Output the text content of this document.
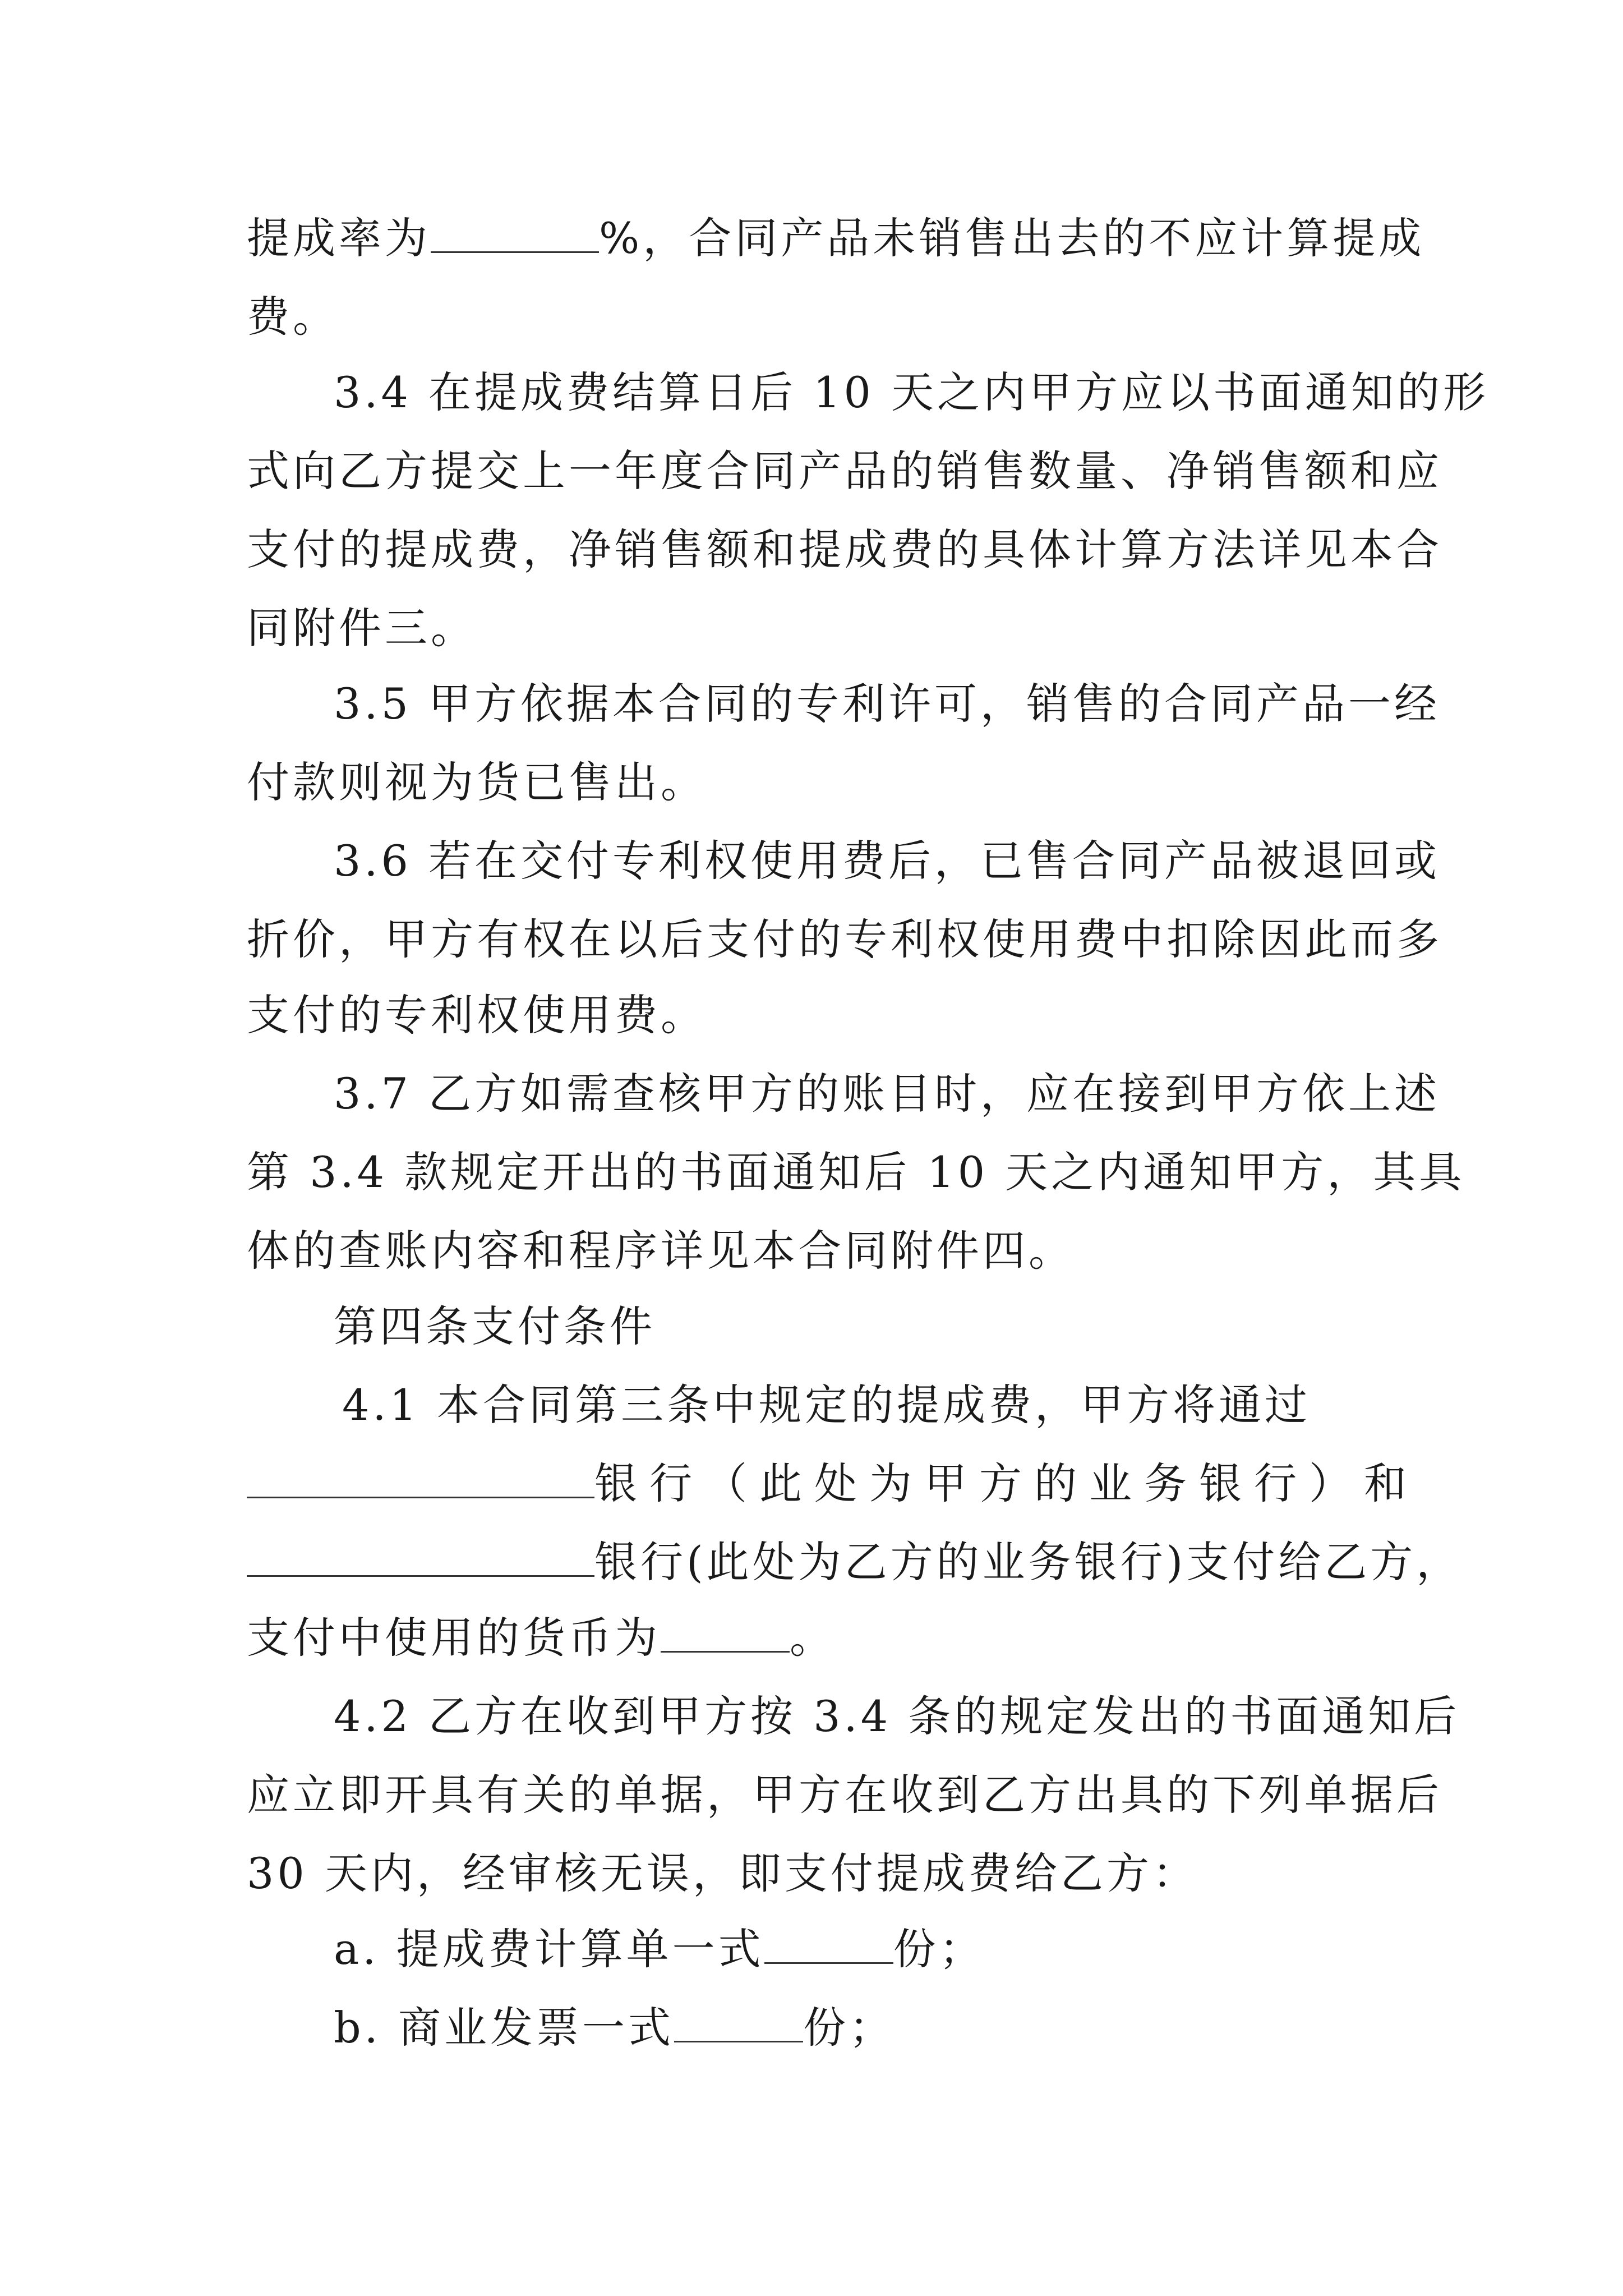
提成率为	%，合同产品未销售出去的不应计算提成
费。
3.4 在提成费结算日后 10 天之内甲方应以书面通知的形
式向乙方提交上一年度合同产品的销售数量、净销售额和应
支付的提成费，净销售额和提成费的具体计算方法详见本合
同附件三。
3.5 甲方依据本合同的专利许可，销售的合同产品一经
付款则视为货已售出。
3.6 若在交付专利权使用费后，已售合同产品被退回或
折价，甲方有权在以后支付的专利权使用费中扣除因此而多
支付的专利权使用费。
3.7 乙方如需查核甲方的账目时，应在接到甲方依上述
第 3.4 款规定开出的书面通知后 10 天之内通知甲方，其具
体的查账内容和程序详见本合同附件四。
第四条支付条件
4.1 本合同第三条中规定的提成费，甲方将通过
银行（此处为甲方的业务银行）和
银行(此处为乙方的业务银行)支付给乙方，
支付中使用的货币为	。
4.2 乙方在收到甲方按 3.4 条的规定发出的书面通知后
应立即开具有关的单据，甲方在收到乙方出具的下列单据后
30 天内，经审核无误，即支付提成费给乙方：
a. 提成费计算单一式	份；
b. 商业发票一式	份；
